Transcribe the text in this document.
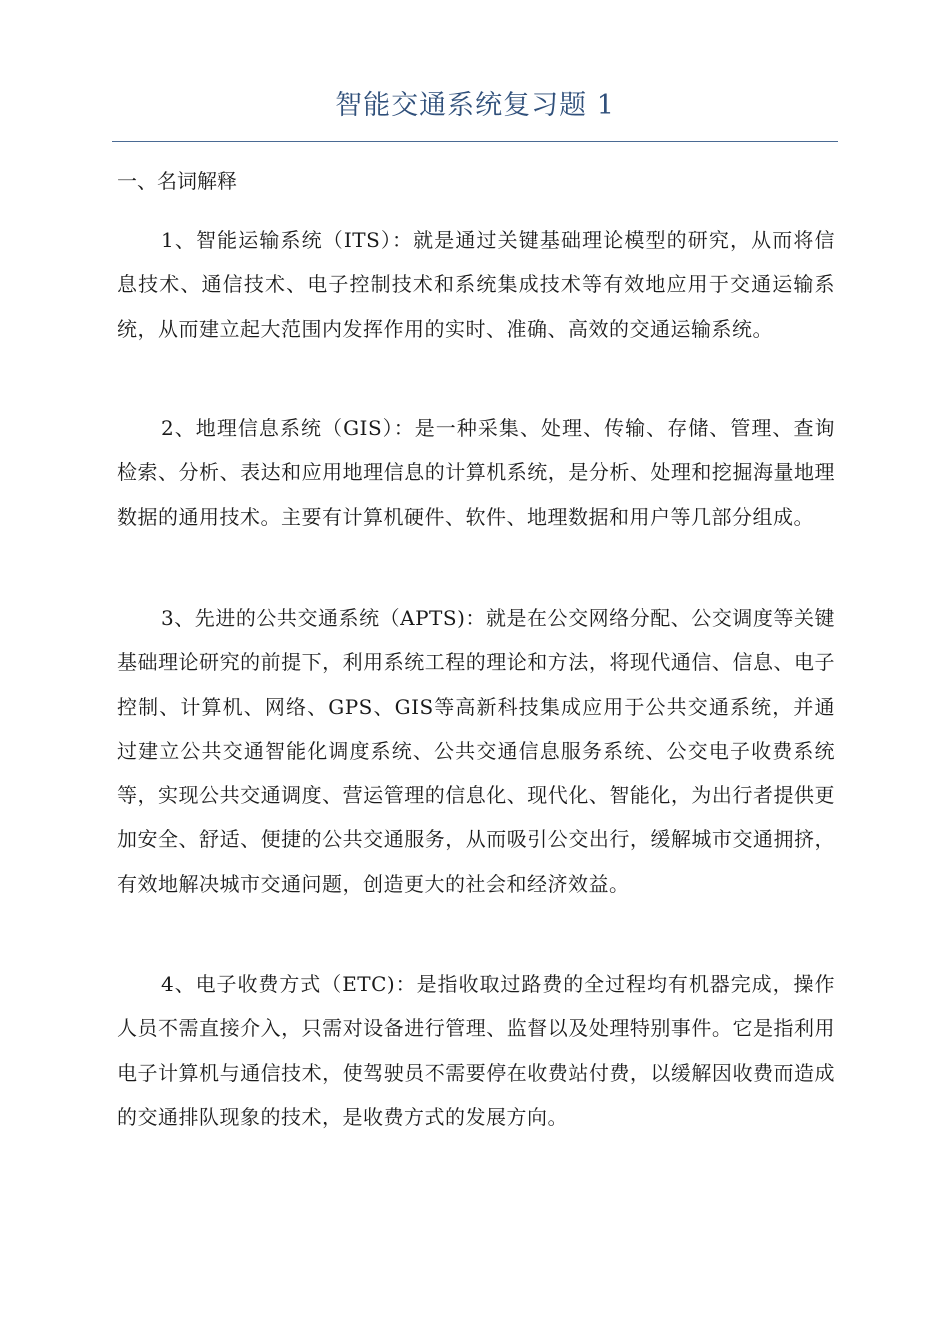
智能交通系统复习题 1
一、名词解释

1、智能运输系统（ITS）：就是通过关键基础理论模型的研究，从而将信息技术、通信技术、电子控制技术和系统集成技术等有效地应用于交通运输系统，从而建立起大范围内发挥作用的实时、准确、高效的交通运输系统。

2、地理信息系统（GIS）：是一种采集、处理、传输、存储、管理、查询检索、分析、表达和应用地理信息的计算机系统，是分析、处理和挖掘海量地理数据的通用技术。主要有计算机硬件、软件、地理数据和用户等几部分组成。

3、先进的公共交通系统（APTS)：就是在公交网络分配、公交调度等关键基础理论研究的前提下，利用系统工程的理论和方法，将现代通信、信息、电子控制、计算机、网络、GPS、GIS等高新科技集成应用于公共交通系统，并通过建立公共交通智能化调度系统、公共交通信息服务系统、公交电子收费系统等，实现公共交通调度、营运管理的信息化、现代化、智能化，为出行者提供更加安全、舒适、便捷的公共交通服务，从而吸引公交出行，缓解城市交通拥挤，有效地解决城市交通问题，创造更大的社会和经济效益。

4、电子收费方式（ETC)：是指收取过路费的全过程均有机器完成，操作人员不需直接介入，只需对设备进行管理、监督以及处理特别事件。它是指利用电子计算机与通信技术，使驾驶员不需要停在收费站付费，以缓解因收费而造成的交通排队现象的技术，是收费方式的发展方向。
